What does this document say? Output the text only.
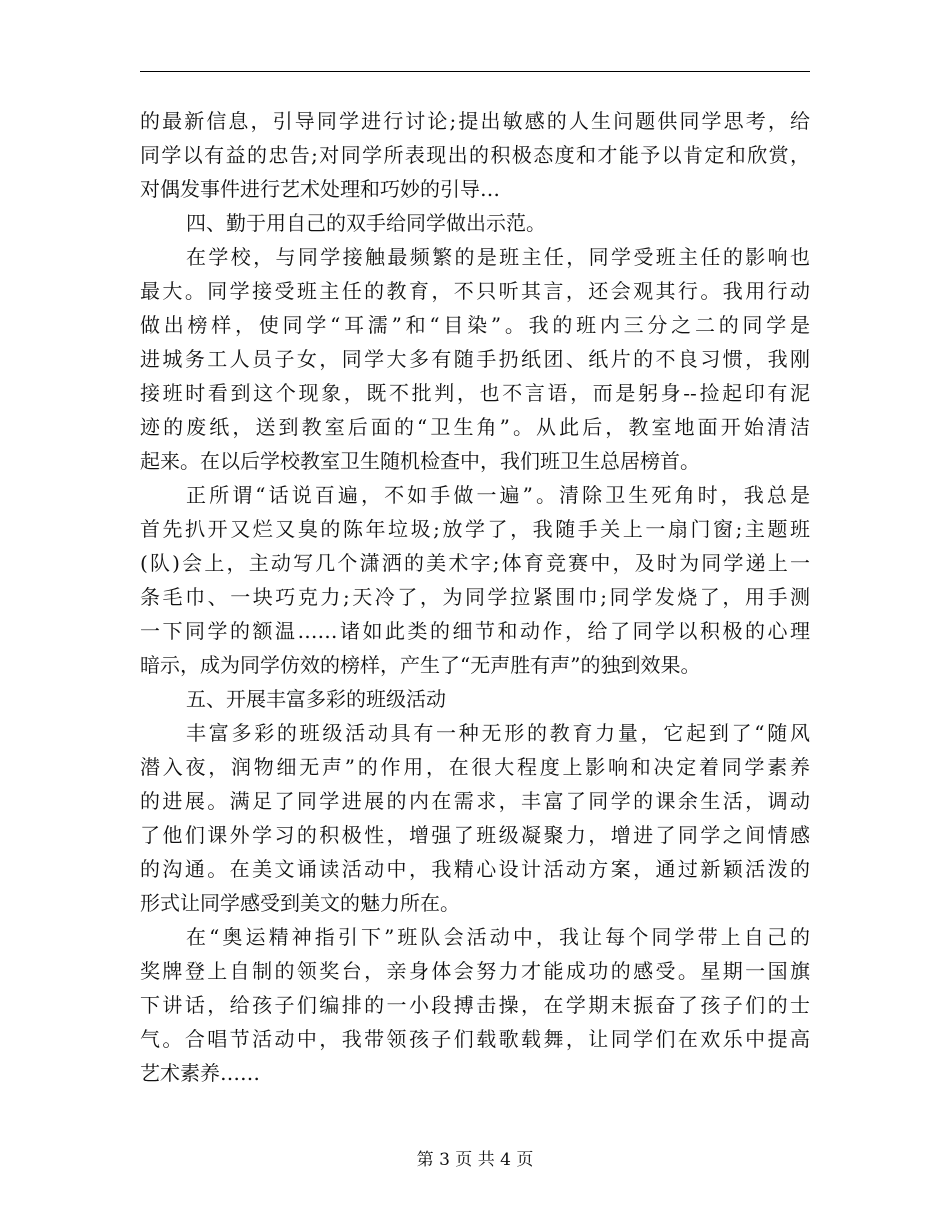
的最新信息，引导同学进行讨论;提出敏感的人生问题供同学思考，给
同学以有益的忠告;对同学所表现出的积极态度和才能予以肯定和欣赏，
对偶发事件进行艺术处理和巧妙的引导…
四、勤于用自己的双手给同学做出示范。
在学校，与同学接触最频繁的是班主任，同学受班主任的影响也
最大。同学接受班主任的教育，不只听其言，还会观其行。我用行动
做出榜样，使同学“耳濡”和“目染”。我的班内三分之二的同学是
进城务工人员子女，同学大多有随手扔纸团、纸片的不良习惯，我刚
接班时看到这个现象，既不批判，也不言语，而是躬身--捡起印有泥
迹的废纸，送到教室后面的“卫生角”。从此后，教室地面开始清洁
起来。在以后学校教室卫生随机检查中，我们班卫生总居榜首。
正所谓“话说百遍，不如手做一遍”。清除卫生死角时，我总是
首先扒开又烂又臭的陈年垃圾;放学了，我随手关上一扇门窗;主题班
(队)会上，主动写几个潇洒的美术字;体育竞赛中，及时为同学递上一
条毛巾、一块巧克力;天冷了，为同学拉紧围巾;同学发烧了，用手测
一下同学的额温……诸如此类的细节和动作，给了同学以积极的心理
暗示，成为同学仿效的榜样，产生了“无声胜有声”的独到效果。
五、开展丰富多彩的班级活动
丰富多彩的班级活动具有一种无形的教育力量，它起到了“随风
潜入夜，润物细无声”的作用，在很大程度上影响和决定着同学素养
的进展。满足了同学进展的内在需求，丰富了同学的课余生活，调动
了他们课外学习的积极性，增强了班级凝聚力，增进了同学之间情感
的沟通。在美文诵读活动中，我精心设计活动方案，通过新颖活泼的
形式让同学感受到美文的魅力所在。
在“奥运精神指引下”班队会活动中，我让每个同学带上自己的
奖牌登上自制的领奖台，亲身体会努力才能成功的感受。星期一国旗
下讲话，给孩子们编排的一小段搏击操，在学期末振奋了孩子们的士
气。合唱节活动中，我带领孩子们载歌载舞，让同学们在欢乐中提高
艺术素养……
第 3 页 共 4 页
